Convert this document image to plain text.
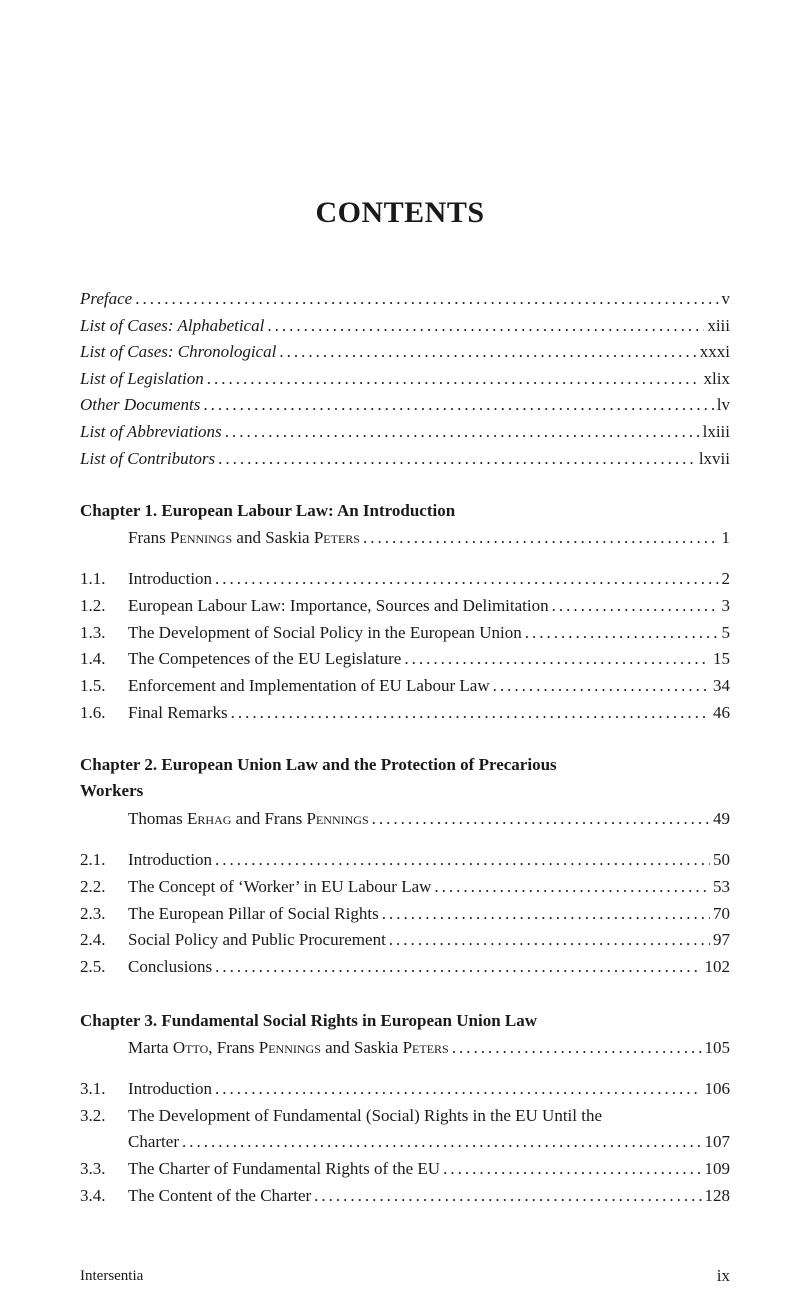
CONTENTS
Preface .....	v
List of Cases: Alphabetical .....	xiii
List of Cases: Chronological .....	xxxi
List of Legislation .....	xlix
Other Documents .....	lv
List of Abbreviations .....	lxiii
List of Contributors .....	lxvii
Chapter 1. European Labour Law: An Introduction
Frans Pennings and Saskia Peters .....	1
1.1.	Introduction .....	2
1.2.	European Labour Law: Importance, Sources and Delimitation .....	3
1.3.	The Development of Social Policy in the European Union .....	5
1.4.	The Competences of the EU Legislature .....	15
1.5.	Enforcement and Implementation of EU Labour Law .....	34
1.6.	Final Remarks .....	46
Chapter 2. European Union Law and the Protection of Precarious
Workers
Thomas Erhag and Frans Pennings .....	49
2.1.	Introduction .....	50
2.2.	The Concept of ‘Worker’ in EU Labour Law .....	53
2.3.	The European Pillar of Social Rights .....	70
2.4.	Social Policy and Public Procurement .....	97
2.5.	Conclusions .....	102
Chapter 3. Fundamental Social Rights in European Union Law
Marta Otto, Frans Pennings and Saskia Peters .....	105
3.1.	Introduction .....	106
3.2.	The Development of Fundamental (Social) Rights in the EU Until the
Charter .....	107
3.3.	The Charter of Fundamental Rights of the EU .....	109
3.4.	The Content of the Charter .....	128
Intersentia	ix
